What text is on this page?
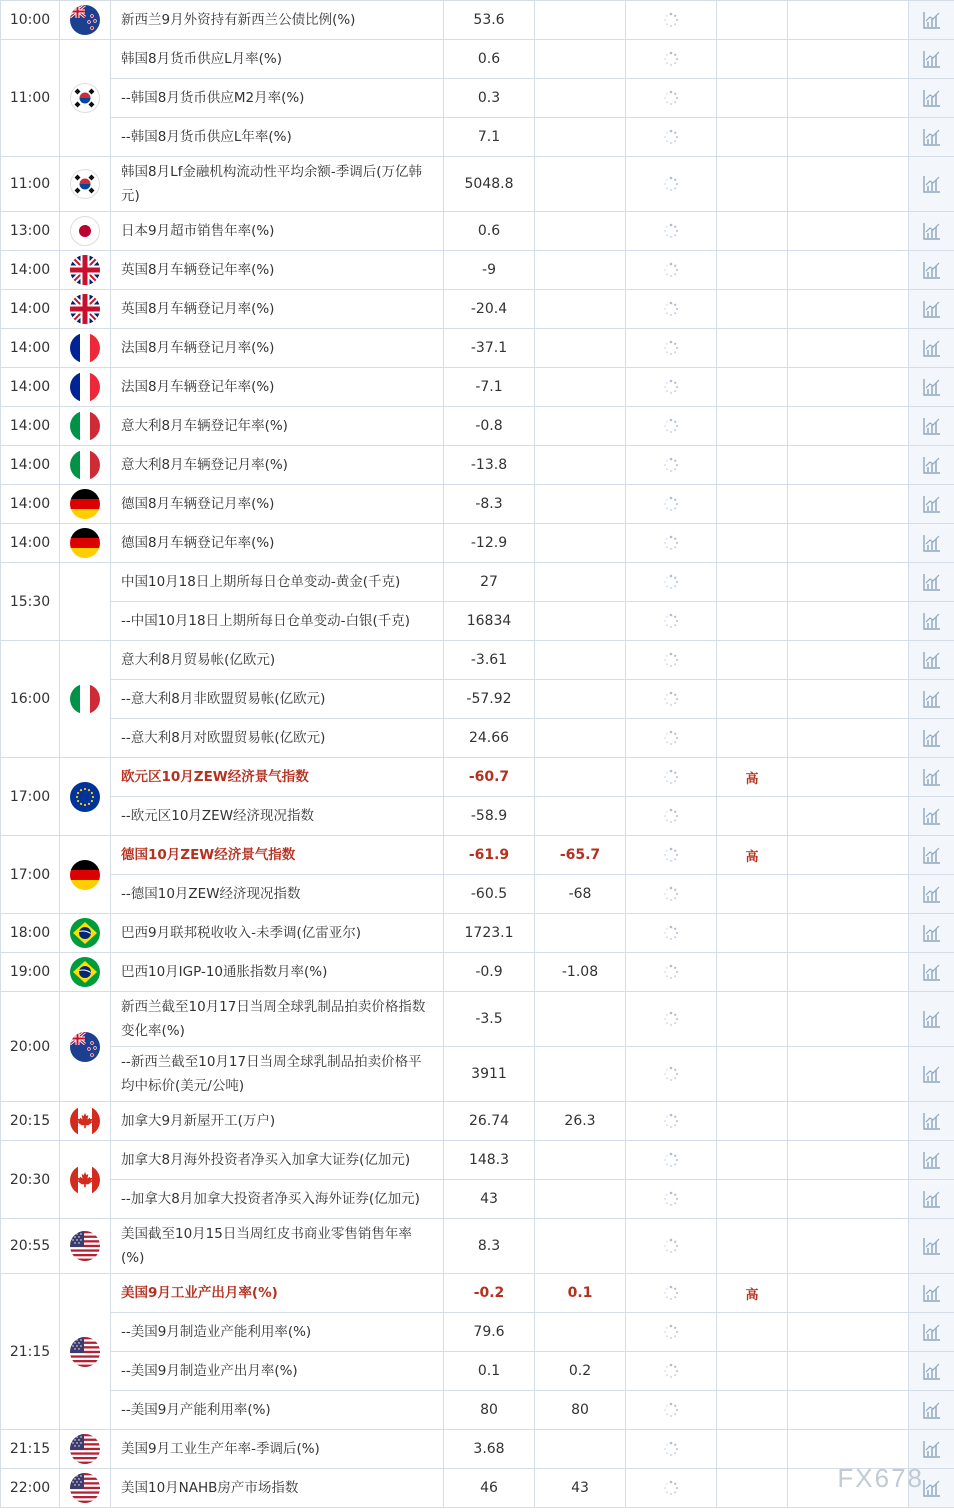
10:00		新西兰9月外资持有新西兰公债比例(%)	53.6					
11:00		韩国8月货币供应L月率(%)	0.6					
		--韩国8月货币供应M2月率(%)	0.3					
		--韩国8月货币供应L年率(%)	7.1					
11:00		韩国8月Lf金融机构流动性平均余额-季调后(万亿韩元)	5048.8					
13:00		日本9月超市销售年率(%)	0.6					
14:00		英国8月车辆登记年率(%)	-9					
14:00		英国8月车辆登记月率(%)	-20.4					
14:00		法国8月车辆登记月率(%)	-37.1					
14:00		法国8月车辆登记年率(%)	-7.1					
14:00		意大利8月车辆登记年率(%)	-0.8					
14:00		意大利8月车辆登记月率(%)	-13.8					
14:00		德国8月车辆登记月率(%)	-8.3					
14:00		德国8月车辆登记年率(%)	-12.9					
15:30		中国10月18日上期所每日仓单变动-黄金(千克)	27					
		--中国10月18日上期所每日仓单变动-白银(千克)	16834					
16:00		意大利8月贸易帐(亿欧元)	-3.61					
		--意大利8月非欧盟贸易帐(亿欧元)	-57.92					
		--意大利8月对欧盟贸易帐(亿欧元)	24.66					
17:00		欧元区10月ZEW经济景气指数	-60.7			高		
		--欧元区10月ZEW经济现况指数	-58.9					
17:00		德国10月ZEW经济景气指数	-61.9	-65.7		高		
		--德国10月ZEW经济现况指数	-60.5	-68				
18:00		巴西9月联邦税收收入-未季调(亿雷亚尔)	1723.1					
19:00		巴西10月IGP-10通胀指数月率(%)	-0.9	-1.08				
20:00		新西兰截至10月17日当周全球乳制品拍卖价格指数变化率(%)	-3.5					
		--新西兰截至10月17日当周全球乳制品拍卖价格平均中标价(美元/公吨)	3911					
20:15		加拿大9月新屋开工(万户)	26.74	26.3				
20:30		加拿大8月海外投资者净买入加拿大证券(亿加元)	148.3					
		--加拿大8月加拿大投资者净买入海外证券(亿加元)	43					
20:55		美国截至10月15日当周红皮书商业零售销售年率(%)	8.3					
21:15		美国9月工业产出月率(%)	-0.2	0.1		高		
		--美国9月制造业产能利用率(%)	79.6					
		--美国9月制造业产出月率(%)	0.1	0.2				
		--美国9月产能利用率(%)	80	80				
21:15		美国9月工业生产年率-季调后(%)	3.68					
22:00		美国10月NAHB房产市场指数	46	43					FX678
